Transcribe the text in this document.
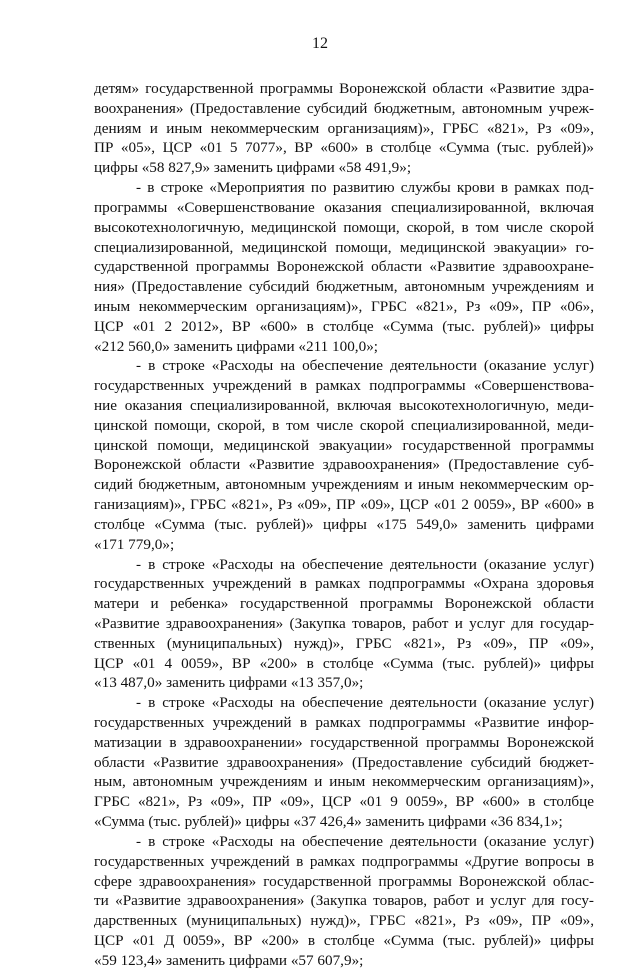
12
детям» государственной программы Воронежской области «Развитие здра-
воохранения» (Предоставление субсидий бюджетным, автономным учреж-
дениям и иным некоммерческим организациям)», ГРБС «821», Рз «09»,
ПР «05», ЦСР «01 5 7077», ВР «600» в столбце «Сумма (тыс. рублей)»
цифры «58 827,9» заменить цифрами «58 491,9»;
- в строке «Мероприятия по развитию службы крови в рамках под-
программы «Совершенствование оказания специализированной, включая
высокотехнологичную, медицинской помощи, скорой, в том числе скорой
специализированной, медицинской помощи, медицинской эвакуации» го-
сударственной программы Воронежской области «Развитие здравоохране-
ния» (Предоставление субсидий бюджетным, автономным учреждениям и
иным некоммерческим организациям)», ГРБС «821», Рз «09», ПР «06»,
ЦСР «01 2 2012», ВР «600» в столбце «Сумма (тыс. рублей)» цифры
«212 560,0» заменить цифрами «211 100,0»;
- в строке «Расходы на обеспечение деятельности (оказание услуг)
государственных учреждений в рамках подпрограммы «Совершенствова-
ние оказания специализированной, включая высокотехнологичную, меди-
цинской помощи, скорой, в том числе скорой специализированной, меди-
цинской помощи, медицинской эвакуации» государственной программы
Воронежской области «Развитие здравоохранения» (Предоставление суб-
сидий бюджетным, автономным учреждениям и иным некоммерческим ор-
ганизациям)», ГРБС «821», Рз «09», ПР «09», ЦСР «01 2 0059», ВР «600» в
столбце «Сумма (тыс. рублей)» цифры «175 549,0» заменить цифрами
«171 779,0»;
- в строке «Расходы на обеспечение деятельности (оказание услуг)
государственных учреждений в рамках подпрограммы «Охрана здоровья
матери и ребенка» государственной программы Воронежской области
«Развитие здравоохранения» (Закупка товаров, работ и услуг для государ-
ственных (муниципальных) нужд)», ГРБС «821», Рз «09», ПР «09»,
ЦСР «01 4 0059», ВР «200» в столбце «Сумма (тыс. рублей)» цифры
«13 487,0» заменить цифрами «13 357,0»;
- в строке «Расходы на обеспечение деятельности (оказание услуг)
государственных учреждений в рамках подпрограммы «Развитие инфор-
матизации в здравоохранении» государственной программы Воронежской
области «Развитие здравоохранения» (Предоставление субсидий бюджет-
ным, автономным учреждениям и иным некоммерческим организациям)»,
ГРБС «821», Рз «09», ПР «09», ЦСР «01 9 0059», ВР «600» в столбце
«Сумма (тыс. рублей)» цифры «37 426,4» заменить цифрами «36 834,1»;
- в строке «Расходы на обеспечение деятельности (оказание услуг)
государственных учреждений в рамках подпрограммы «Другие вопросы в
сфере здравоохранения» государственной программы Воронежской облас-
ти «Развитие здравоохранения» (Закупка товаров, работ и услуг для госу-
дарственных (муниципальных) нужд)», ГРБС «821», Рз «09», ПР «09»,
ЦСР «01 Д 0059», ВР «200» в столбце «Сумма (тыс. рублей)» цифры
«59 123,4» заменить цифрами «57 607,9»;
